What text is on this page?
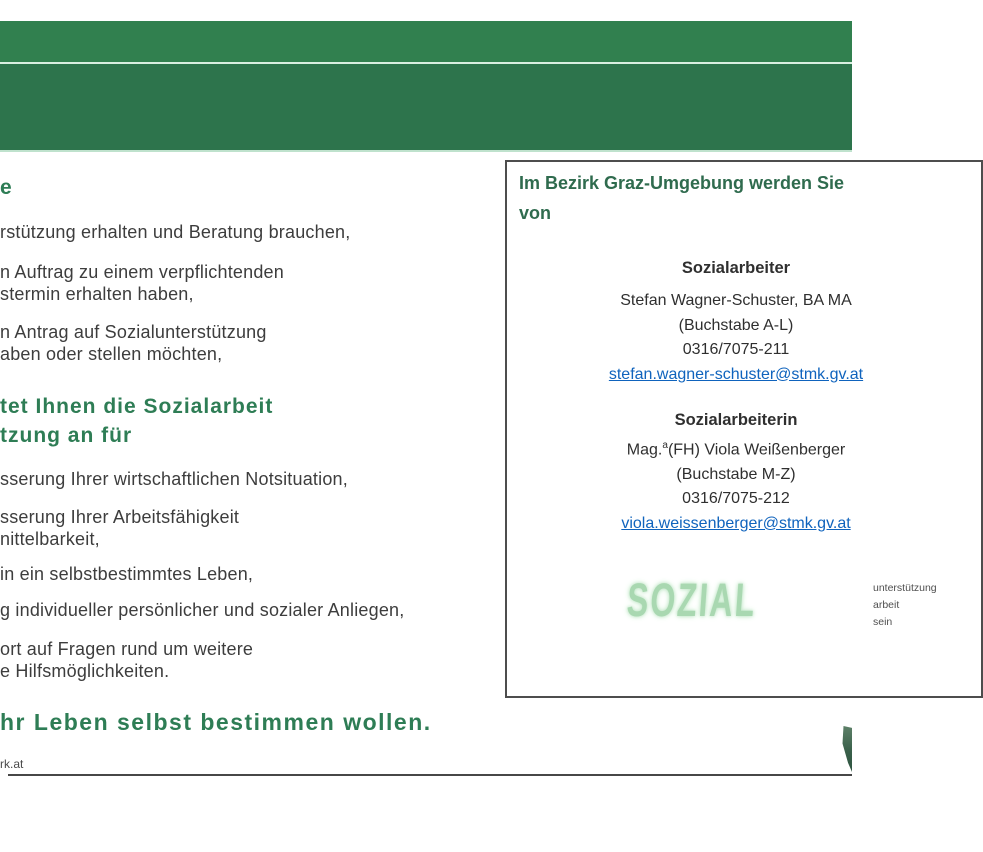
e
rstützung erhalten und Beratung brauchen,
n Auftrag zu einem verpflichtenden
stermin erhalten haben,
n Antrag auf Sozialunterstützung
aben oder stellen möchten,
tet Ihnen die Sozialarbeit
tzung an für
sserung Ihrer wirtschaftlichen Notsituation,
sserung Ihrer Arbeitsfähigkeit
nittelbarkeit,
in ein selbstbestimmtes Leben,
g individueller persönlicher und sozialer Anliegen,
ort auf Fragen rund um weitere
e Hilfsmöglichkeiten.
hr Leben selbst bestimmen wollen.
rk.at
Im Bezirk Graz-Umgebung werden Sie
von
Sozialarbeiter
Stefan Wagner-Schuster, BA MA
(Buchstabe A-L)
0316/7075-211
stefan.wagner-schuster@stmk.gv.at
Sozialarbeiterin
Mag.$^a$(FH) Viola Weißenberger
(Buchstabe M-Z)
0316/7075-212
viola.weissenberger@stmk.gv.at
SOZIAL	unterstützung
arbeit
sein
